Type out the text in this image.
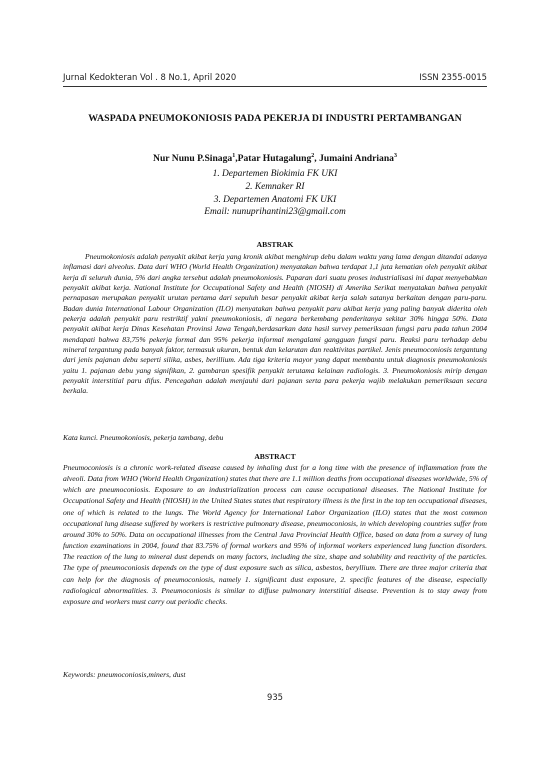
Jurnal Kedokteran Vol . 8 No.1, April 2020	ISSN 2355-0015
WASPADA PNEUMOKONIOSIS PADA PEKERJA DI INDUSTRI PERTAMBANGAN
Nur Nunu P.Sinaga$^1$,Patar Hutagalung$^2$, Jumaini Andriana$^3$
1. Departemen Biokimia FK UKI
2. Kemnaker RI
3. Departemen Anatomi FK UKI
Email: nunuprihantini23@gmail.com
ABSTRAK

Pneumokoniosis adalah penyakit akibat kerja yang kronik akibat menghirup debu dalam waktu yang lama dengan ditandai adanya inflamasi dari alveolus. Data dari WHO (World Health Organization) menyatakan bahwa terdapat 1,1 juta kematian oleh penyakit akibat kerja di seluruh dunia, 5% dari angka tersebut adalah pneumokoniosis. Paparan dari suatu proses industrialisasi ini dapat menyebabkan penyakit akibat kerja. National Institute for Occupational Safety and Health (NIOSH) di Amerika Serikat menyatakan bahwa penyakit pernapasan merupakan penyakit urutan pertama dari sepuluh besar penyakit akibat kerja salah satanya berkaitan dengan paru-paru. Badan dunia International Labour Organization (ILO) menyatakan bahwa penyakit paru akibat kerja yang paling banyak diderita oleh pekerja adalah penyakit paru restriktif yakni pneumokoniosis, di negara berkembang penderitanya sekitar 30% hingga 50%. Data penyakit akibat kerja Dinas Kesehatan Provinsi Jawa Tengah,berdasarkan data hasil survey pemeriksaan fungsi paru pada tahun 2004 mendapati bahwa 83,75% pekerja formal dan 95% pekerja informal mengalami gangguan fungsi paru. Reaksi paru terhadap debu mineral tergantung pada banyak faktor, termasuk ukuran, bentuk dan kelarutan dan reaktivitas partikel. Jenis pneumoconiosis tergantung dari jenis pajanan debu seperti silika, asbes, berillium. Ada tiga kriteria mayor yang dapat membantu untuk diagnosis pneumokoniosis yaitu 1. pajanan debu yang signifikan, 2. gambaran spesifik penyakit terutama kelainan radiologis. 3. Pneumokoniosis mirip dengan penyakit interstitial paru difus. Pencegahan adalah menjauhi dari pajanan serta para pekerja wajib melakukan pemeriksaan secara berkala.

Kata kunci. Pneumokoniosis, pekerja tambang, debu
ABSTRACT

Pneumoconiosis is a chronic work-related disease caused by inhaling dust for a long time with the presence of inflammation from the alveoli. Data from WHO (World Health Organization) states that there are 1.1 million deaths from occupational diseases worldwide, 5% of which are pneumoconiosis. Exposure to an industrialization process can cause occupational diseases. The National Institute for Occupational Safety and Health (NIOSH) in the United States states that respiratory illness is the first in the top ten occupational diseases, one of which is related to the lungs. The World Agency for International Labor Organization (ILO) states that the most common occupational lung disease suffered by workers is restrictive pulmonary disease, pneumoconiosis, in which developing countries suffer from around 30% to 50%. Data on occupational illnesses from the Central Java Provincial Health Office, based on data from a survey of lung function examinations in 2004, found that 83.75% of formal workers and 95% of informal workers experienced lung function disorders. The reaction of the lung to mineral dust depends on many factors, including the size, shape and solubility and reactivity of the particles. The type of pneumoconiosis depends on the type of dust exposure such as silica, asbestos, beryllium. There are three major criteria that can help for the diagnosis of pneumoconiosis, namely 1. significant dust exposure, 2. specific features of the disease, especially radiological abnormalities. 3. Pneumoconiosis is similar to diffuse pulmonary interstitial disease. Prevention is to stay away from exposure and workers must carry out periodic checks.

Keywords: pneumoconiosis,miners, dust
935
